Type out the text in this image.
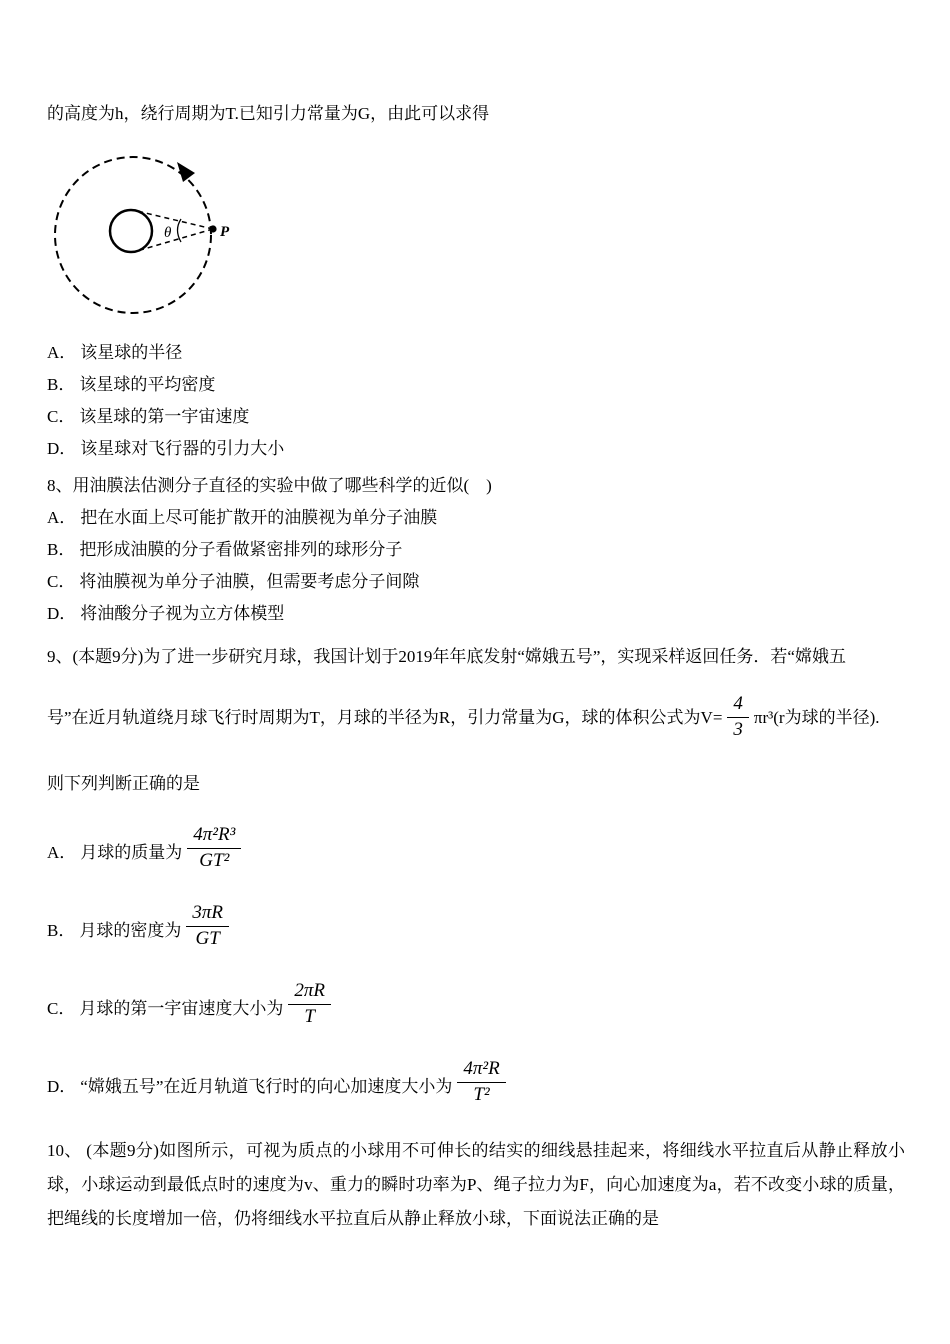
的高度为h，绕行周期为T.已知引力常量为G，由此可以求得

θ	P

A． 该星球的半径

B． 该星球的平均密度

C． 该星球的第一宇宙速度

D． 该星球对飞行器的引力大小

8、用油膜法估测分子直径的实验中做了哪些科学的近似(　)

A． 把在水面上尽可能扩散开的油膜视为单分子油膜

B． 把形成油膜的分子看做紧密排列的球形分子

C． 将油膜视为单分子油膜，但需要考虑分子间隙

D． 将油酸分子视为立方体模型

9、(本题9分)为了进一步研究月球，我国计划于2019年年底发射“嫦娥五号”，实现采样返回任务．若“嫦娥五

号”在近月轨道绕月球飞行时周期为T，月球的半径为R，引力常量为G，球的体积公式为$V= \frac{4}{3} \pi r^3(r$为球的半径).

则下列判断正确的是

A． 月球的质量为 $\frac{\text{4π²R³}}{\text{GT²}}$
B． 月球的密度为 $\frac{3\pi R}{GT}$
C． 月球的第一宇宙速度大小为 $\frac{2\pi R}{T}$
D． “嫦娥五号”在近月轨道飞行时的向心加速度大小为 $\frac{\text{4π²R}}{\text{T²}}$

10、 (本题9分)如图所示，可视为质点的小球用不可伸长的结实的细线悬挂起来，将细线水平拉直后从静止释放小球，小球运动到最低点时的速度为v、重力的瞬时功率为P、绳子拉力为F，向心加速度为a，若不改变小球的质量，把绳线的长度增加一倍，仍将细线水平拉直后从静止释放小球，下面说法正确的是
